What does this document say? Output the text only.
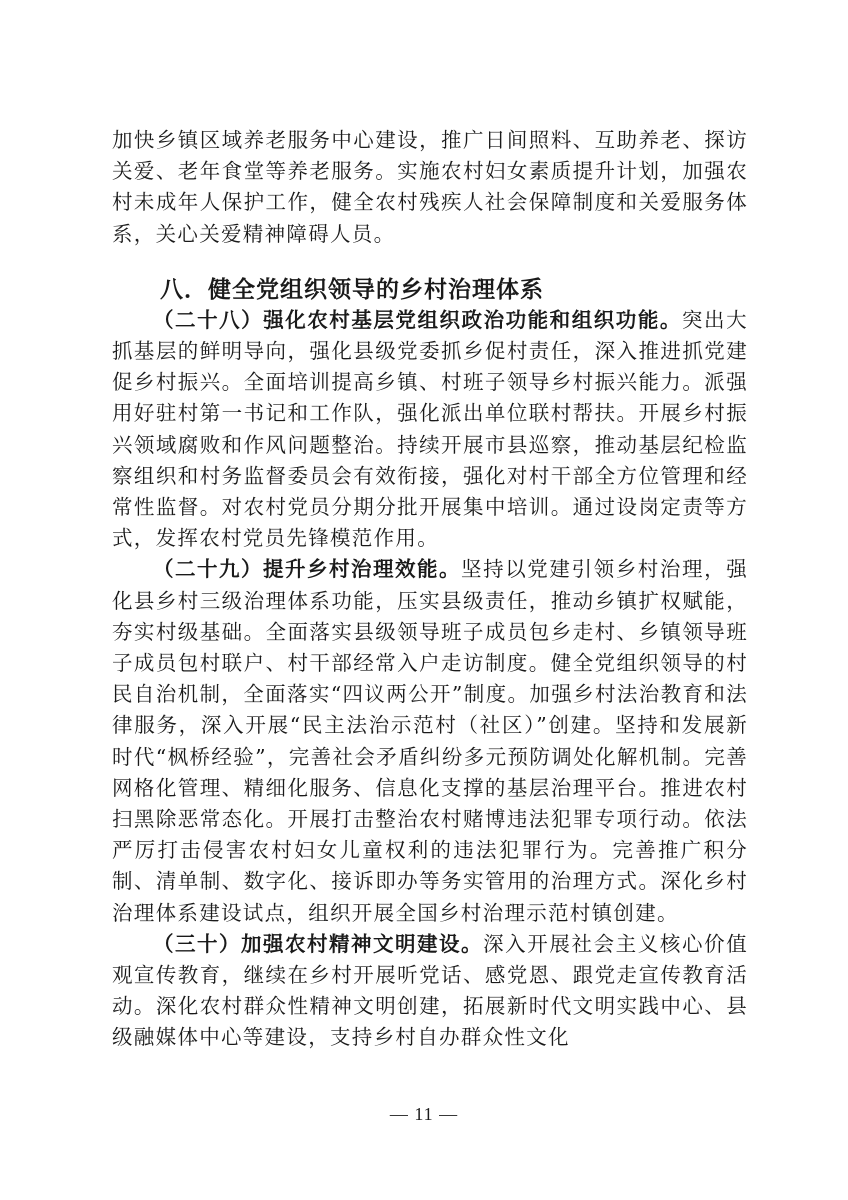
加快乡镇区域养老服务中心建设，推广日间照料、互助养老、探访关爱、老年食堂等养老服务。实施农村妇女素质提升计划，加强农村未成年人保护工作，健全农村残疾人社会保障制度和关爱服务体系，关心关爱精神障碍人员。

八．健全党组织领导的乡村治理体系

（二十八）强化农村基层党组织政治功能和组织功能。突出大抓基层的鲜明导向，强化县级党委抓乡促村责任，深入推进抓党建促乡村振兴。全面培训提高乡镇、村班子领导乡村振兴能力。派强用好驻村第一书记和工作队，强化派出单位联村帮扶。开展乡村振兴领域腐败和作风问题整治。持续开展市县巡察，推动基层纪检监察组织和村务监督委员会有效衔接，强化对村干部全方位管理和经常性监督。对农村党员分期分批开展集中培训。通过设岗定责等方式，发挥农村党员先锋模范作用。

（二十九）提升乡村治理效能。坚持以党建引领乡村治理，强化县乡村三级治理体系功能，压实县级责任，推动乡镇扩权赋能，夯实村级基础。全面落实县级领导班子成员包乡走村、乡镇领导班子成员包村联户、村干部经常入户走访制度。健全党组织领导的村民自治机制，全面落实“四议两公开”制度。加强乡村法治教育和法律服务，深入开展“民主法治示范村（社区）”创建。坚持和发展新时代“枫桥经验”，完善社会矛盾纠纷多元预防调处化解机制。完善网格化管理、精细化服务、信息化支撑的基层治理平台。推进农村扫黑除恶常态化。开展打击整治农村赌博违法犯罪专项行动。依法严厉打击侵害农村妇女儿童权利的违法犯罪行为。完善推广积分制、清单制、数字化、接诉即办等务实管用的治理方式。深化乡村治理体系建设试点，组织开展全国乡村治理示范村镇创建。

（三十）加强农村精神文明建设。深入开展社会主义核心价值观宣传教育，继续在乡村开展听党话、感党恩、跟党走宣传教育活动。深化农村群众性精神文明创建，拓展新时代文明实践中心、县级融媒体中心等建设，支持乡村自办群众性文化

— 11 —
